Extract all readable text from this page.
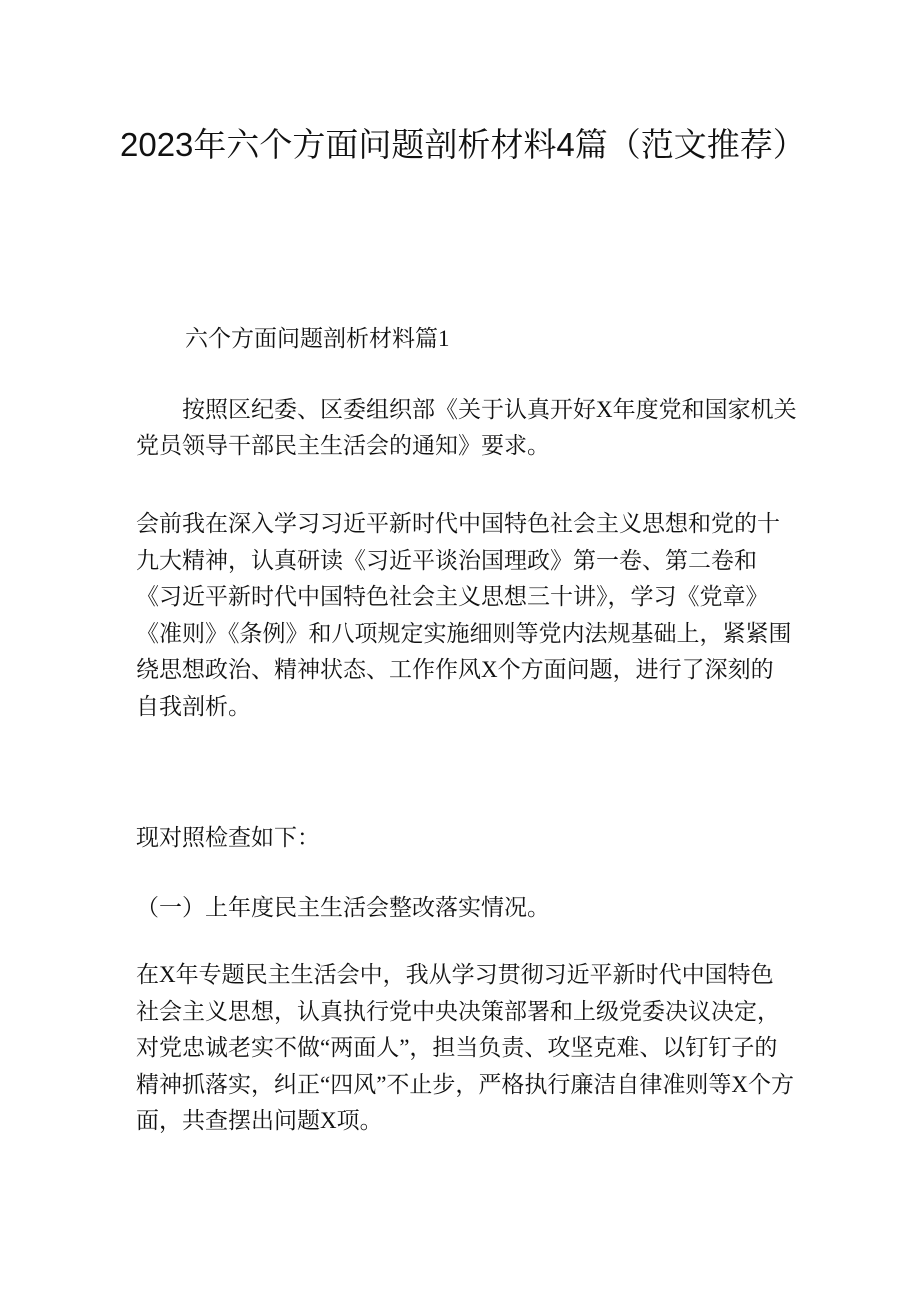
2023年六个方面问题剖析材料4篇（范文推荐）

六个方面问题剖析材料篇1

按照区纪委、区委组织部《关于认真开好X年度党和国家机关党员领导干部民主生活会的通知》要求。

会前我在深入学习习近平新时代中国特色社会主义思想和党的十九大精神，认真研读《习近平谈治国理政》第一卷、第二卷和《习近平新时代中国特色社会主义思想三十讲》，学习《党章》《准则》《条例》和八项规定实施细则等党内法规基础上，紧紧围绕思想政治、精神状态、工作作风X个方面问题，进行了深刻的自我剖析。

现对照检查如下：

（一）上年度民主生活会整改落实情况。

在X年专题民主生活会中，我从学习贯彻习近平新时代中国特色社会主义思想，认真执行党中央决策部署和上级党委决议决定，对党忠诚老实不做“两面人”，担当负责、攻坚克难、以钉钉子的精神抓落实，纠正“四风”不止步，严格执行廉洁自律准则等X个方面，共查摆出问题X项。
